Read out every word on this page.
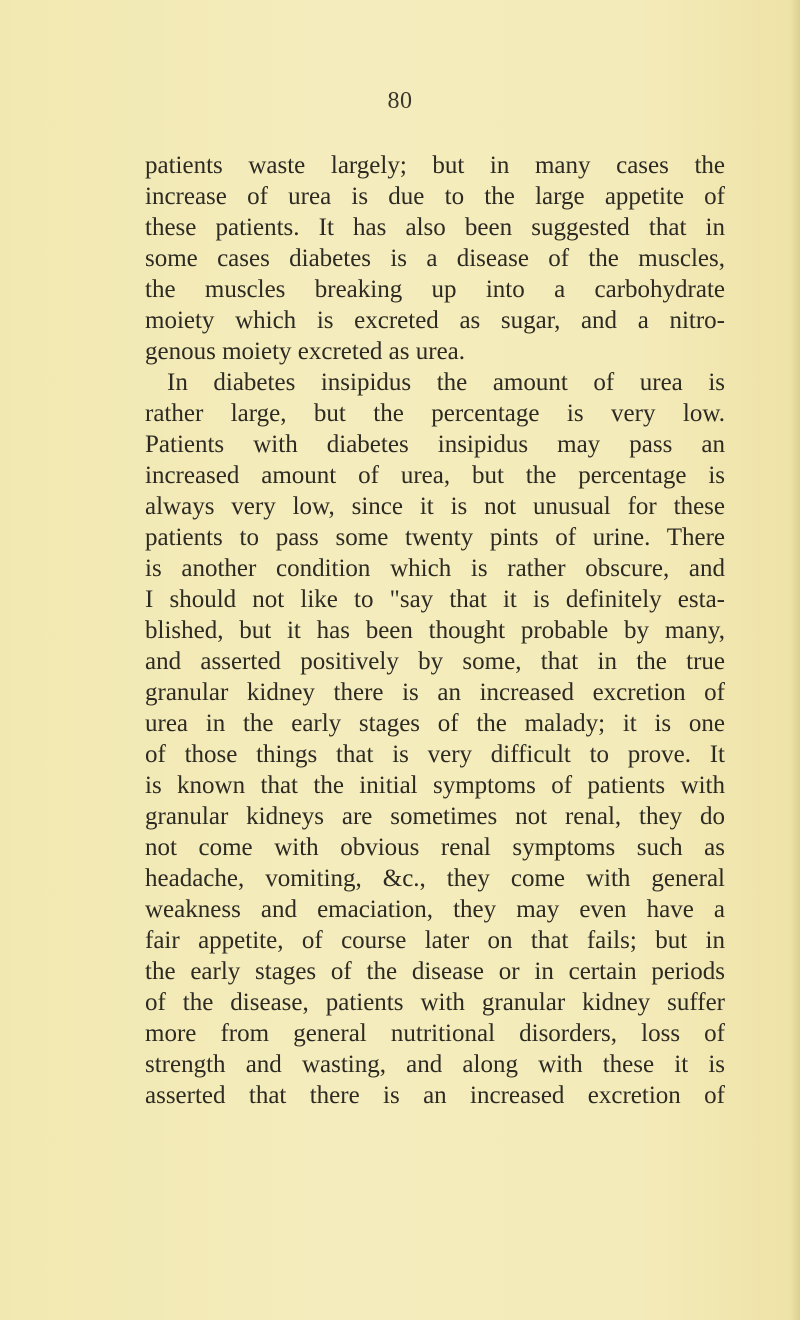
80
patients waste largely; but in many cases the
increase of urea is due to the large appetite of
these patients. It has also been suggested that in
some cases diabetes is a disease of the muscles,
the muscles breaking up into a carbohydrate
moiety which is excreted as sugar, and a nitro-
genous moiety excreted as urea.
In diabetes insipidus the amount of urea is
rather large, but the percentage is very low.
Patients with diabetes insipidus may pass an
increased amount of urea, but the percentage is
always very low, since it is not unusual for these
patients to pass some twenty pints of urine. There
is another condition which is rather obscure, and
I should not like to "say that it is definitely esta-
blished, but it has been thought probable by many,
and asserted positively by some, that in the true
granular kidney there is an increased excretion of
urea in the early stages of the malady; it is one
of those things that is very difficult to prove. It
is known that the initial symptoms of patients with
granular kidneys are sometimes not renal, they do
not come with obvious renal symptoms such as
headache, vomiting, &c., they come with general
weakness and emaciation, they may even have a
fair appetite, of course later on that fails; but in
the early stages of the disease or in certain periods
of the disease, patients with granular kidney suffer
more from general nutritional disorders, loss of
strength and wasting, and along with these it is
asserted that there is an increased excretion of
